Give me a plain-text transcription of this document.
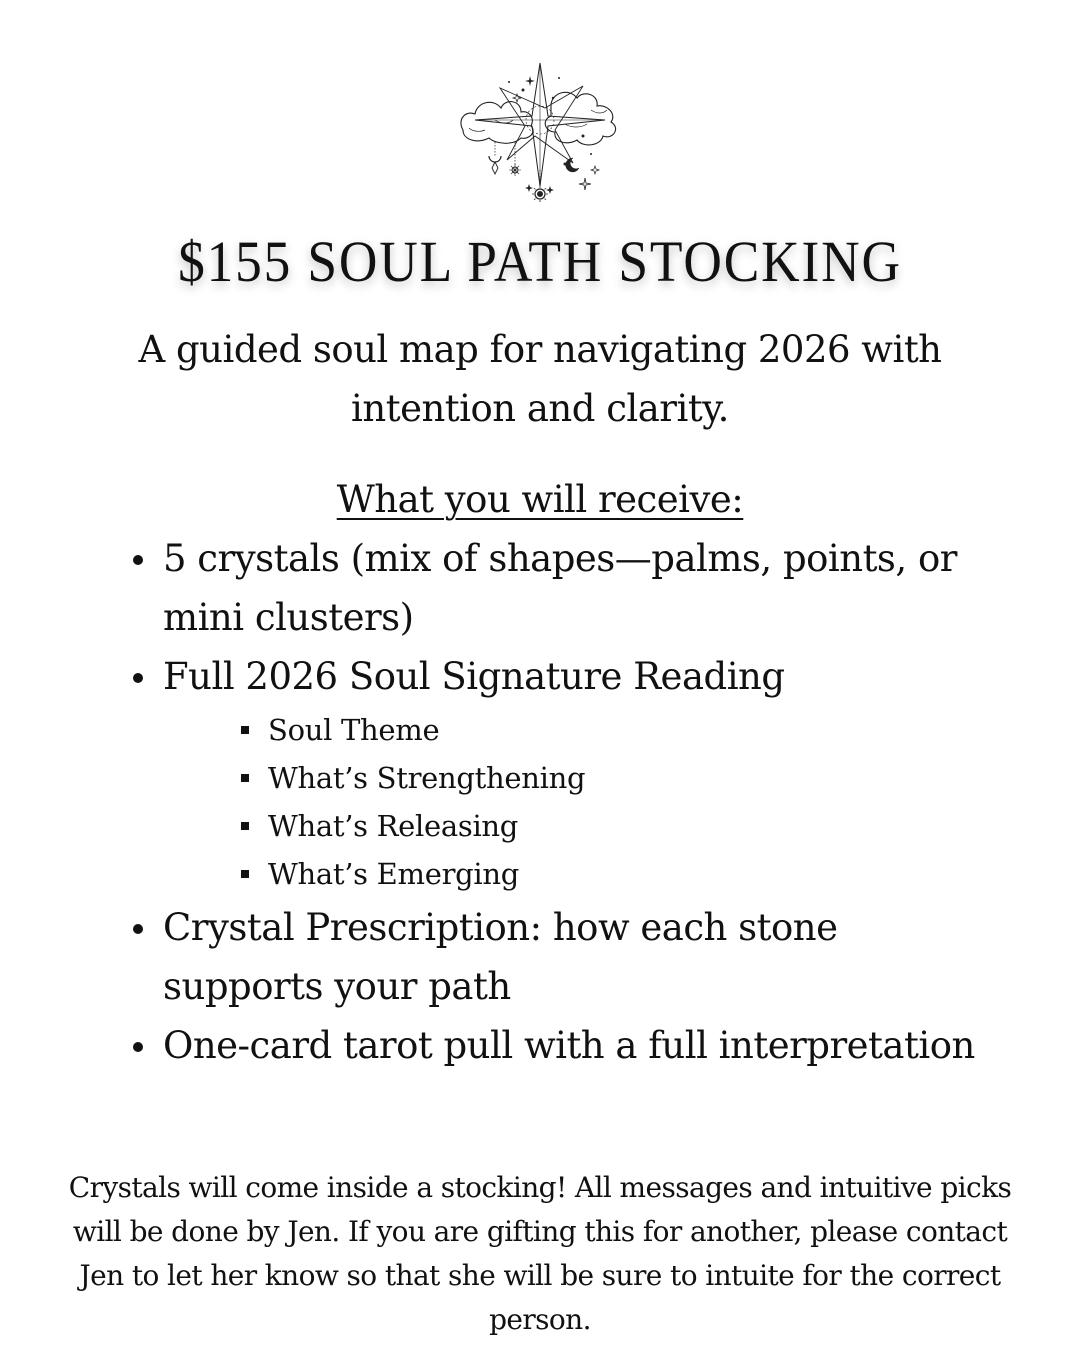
$155 SOUL PATH STOCKING
A guided soul map for navigating 2026 with intention and clarity.
What you will receive:
5 crystals (mix of shapes—palms, points, or mini clusters)
Full 2026 Soul Signature Reading
Soul Theme
What’s Strengthening
What’s Releasing
What’s Emerging
Crystal Prescription: how each stone supports your path
One-card tarot pull with a full interpretation
Crystals will come inside a stocking! All messages and intuitive picks will be done by Jen. If you are gifting this for another, please contact Jen to let her know so that she will be sure to intuite for the correct person.
